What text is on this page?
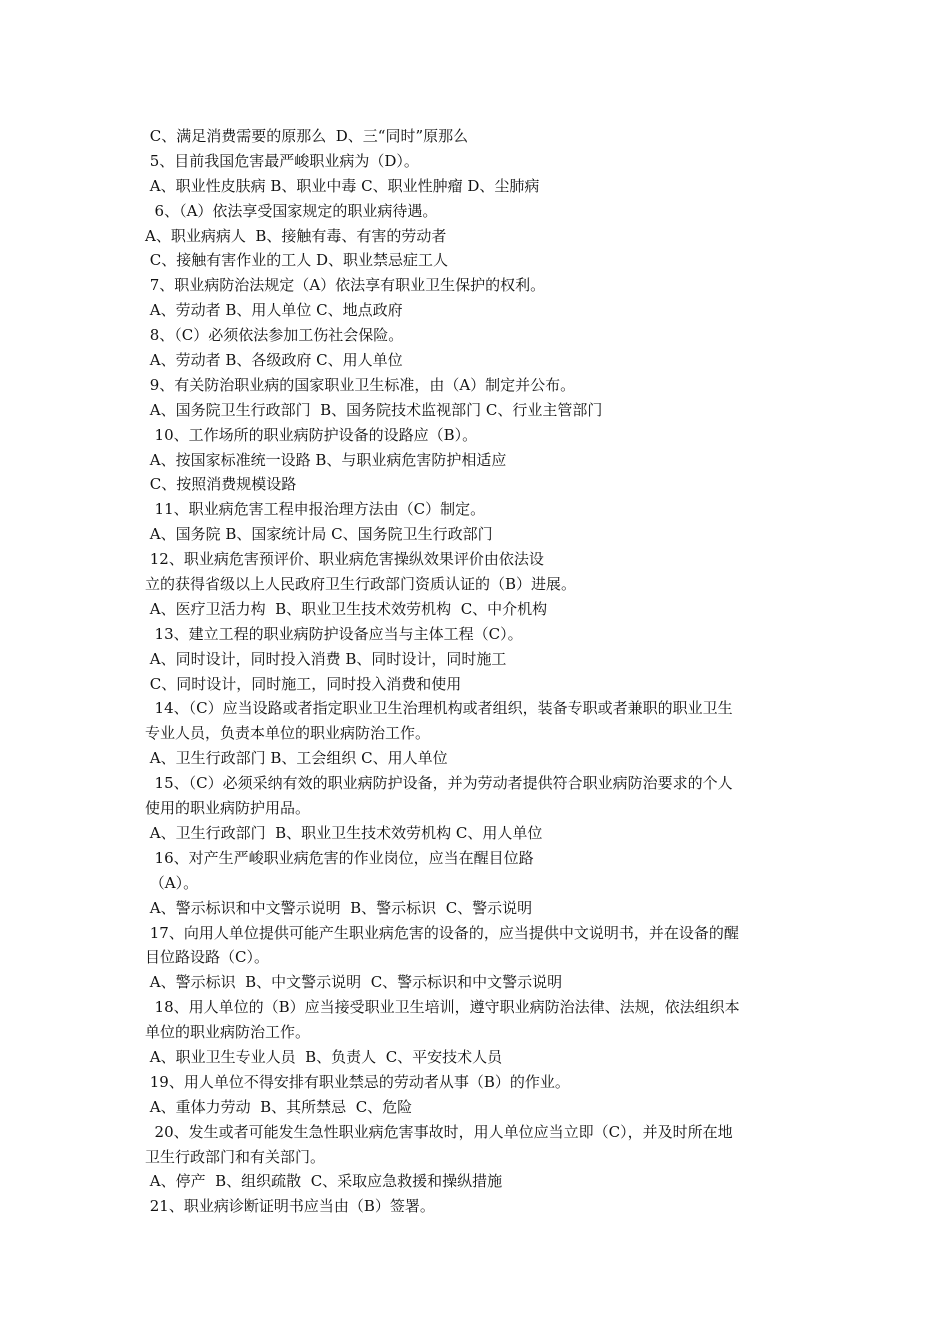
C、满足消费需要的原那么  D、三“同时”原那么
5、目前我国危害最严峻职业病为（D）。
A、职业性皮肤病 B、职业中毒 C、职业性肿瘤 D、尘肺病
6、（A）依法享受国家规定的职业病待遇。
A、职业病病人  B、接触有毒、有害的劳动者
C、接触有害作业的工人 D、职业禁忌症工人
7、职业病防治法规定（A）依法享有职业卫生保护的权利。
A、劳动者 B、用人单位 C、地点政府
8、（C）必须依法参加工伤社会保险。
A、劳动者 B、各级政府 C、用人单位
9、有关防治职业病的国家职业卫生标准，由（A）制定并公布。
A、国务院卫生行政部门  B、国务院技术监视部门 C、行业主管部门
10、工作场所的职业病防护设备的设路应（B）。
A、按国家标准统一设路 B、与职业病危害防护相适应
C、按照消费规模设路
11、职业病危害工程申报治理方法由（C）制定。
A、国务院 B、国家统计局 C、国务院卫生行政部门
12、职业病危害预评价、职业病危害操纵效果评价由依法设
立的获得省级以上人民政府卫生行政部门资质认证的（B）进展。
A、医疗卫活力构  B、职业卫生技术效劳机构  C、中介机构
13、建立工程的职业病防护设备应当与主体工程（C）。
A、同时设计，同时投入消费 B、同时设计，同时施工
C、同时设计，同时施工，同时投入消费和使用
14、（C）应当设路或者指定职业卫生治理机构或者组织，装备专职或者兼职的职业卫生
专业人员，负责本单位的职业病防治工作。
A、卫生行政部门 B、工会组织 C、用人单位
15、（C）必须采纳有效的职业病防护设备，并为劳动者提供符合职业病防治要求的个人
使用的职业病防护用品。
A、卫生行政部门  B、职业卫生技术效劳机构 C、用人单位
16、对产生严峻职业病危害的作业岗位，应当在醒目位路
（A）。
A、警示标识和中文警示说明  B、警示标识  C、警示说明
17、向用人单位提供可能产生职业病危害的设备的，应当提供中文说明书，并在设备的醒
目位路设路（C）。
A、警示标识  B、中文警示说明  C、警示标识和中文警示说明
18、用人单位的（B）应当接受职业卫生培训，遵守职业病防治法律、法规，依法组织本
单位的职业病防治工作。
A、职业卫生专业人员  B、负责人  C、平安技术人员
19、用人单位不得安排有职业禁忌的劳动者从事（B）的作业。
A、重体力劳动  B、其所禁忌  C、危险
20、发生或者可能发生急性职业病危害事故时，用人单位应当立即（C），并及时所在地
卫生行政部门和有关部门。
A、停产  B、组织疏散  C、采取应急救援和操纵措施
21、职业病诊断证明书应当由（B）签署。
